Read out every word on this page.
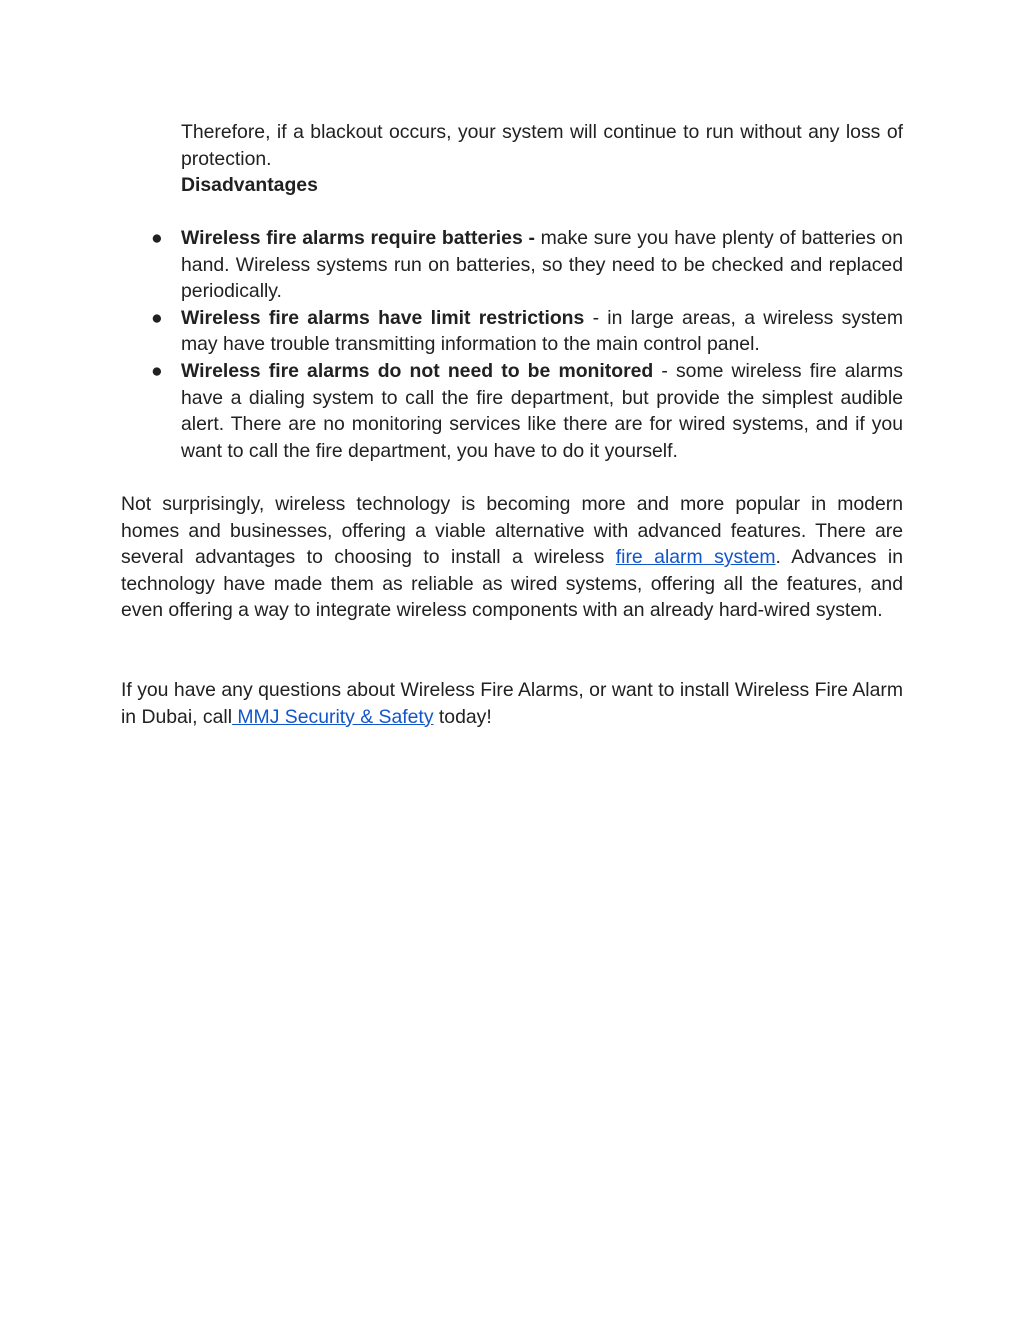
Therefore, if a blackout occurs, your system will continue to run without any loss of protection.

Disadvantages

● Wireless fire alarms require batteries - make sure you have plenty of batteries on hand. Wireless systems run on batteries, so they need to be checked and replaced periodically.
● Wireless fire alarms have limit restrictions - in large areas, a wireless system may have trouble transmitting information to the main control panel.
● Wireless fire alarms do not need to be monitored - some wireless fire alarms have a dialing system to call the fire department, but provide the simplest audible alert. There are no monitoring services like there are for wired systems, and if you want to call the fire department, you have to do it yourself.

Not surprisingly, wireless technology is becoming more and more popular in modern homes and businesses, offering a viable alternative with advanced features. There are several advantages to choosing to install a wireless fire alarm system. Advances in technology have made them as reliable as wired systems, offering all the features, and even offering a way to integrate wireless components with an already hard-wired system.

If you have any questions about Wireless Fire Alarms, or want to install Wireless Fire Alarm in Dubai, call MMJ Security & Safety today!
